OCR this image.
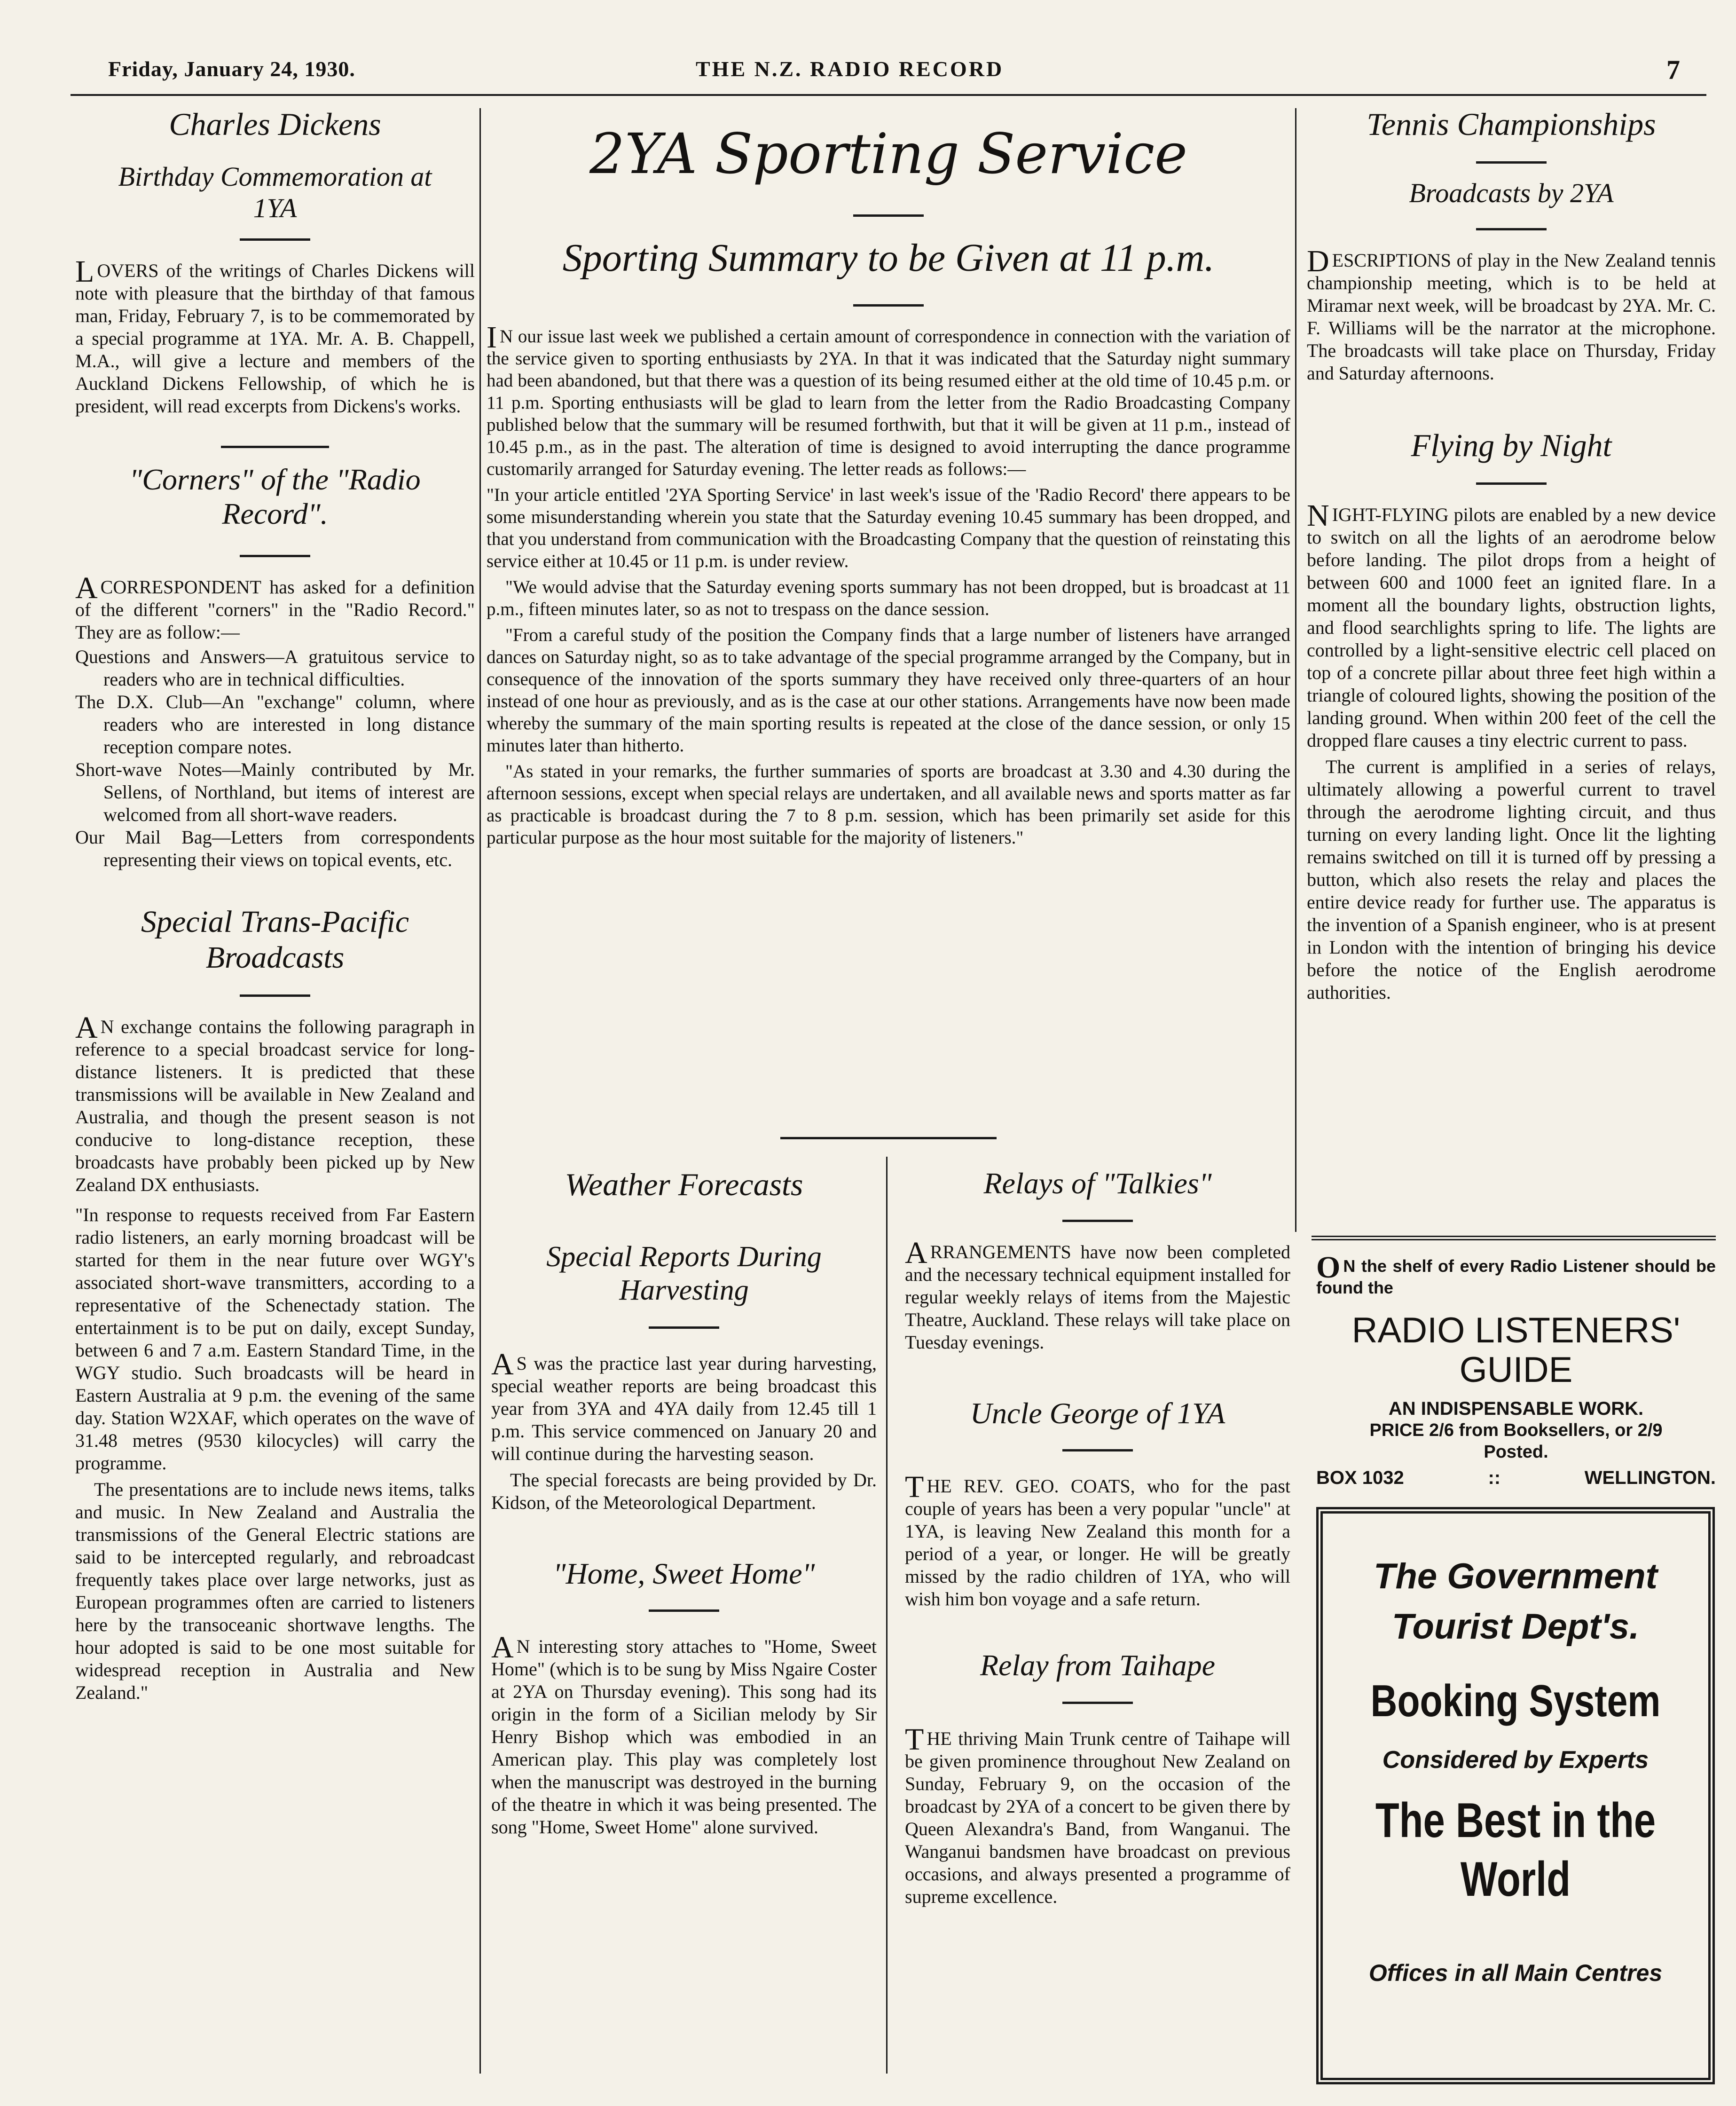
Friday, January 24, 1930.	THE N.Z. RADIO RECORD	7
Charles Dickens
Birthday Commemoration at 1YA
LOVERS of the writings of Charles Dickens will note with pleasure that the birthday of that famous man, Friday, February 7, is to be commemorated by a special programme at 1YA. Mr. A. B. Chappell, M.A., will give a lecture and members of the Auckland Dickens Fellowship, of which he is president, will read excerpts from Dickens's works.
"Corners" of the "Radio Record".
ACORRESPONDENT has asked for a definition of the different "corners" in the "Radio Record." They are as follow:—

Questions and Answers—A gratuitous service to readers who are in technical difficulties.

The D.X. Club—An "exchange" column, where readers who are interested in long distance reception compare notes.

Short-wave Notes—Mainly contributed by Mr. Sellens, of Northland, but items of interest are welcomed from all short-wave readers.

Our Mail Bag—Letters from correspondents representing their views on topical events, etc.

Special Trans-Pacific Broadcasts

A N exchange contains the following paragraph in reference to a special broadcast service for long-distance listeners. It is predicted that these transmissions will be available in New Zealand and Australia, and though the present season is not conducive to long-distance reception, these broadcasts have probably been picked up by New Zealand DX enthusiasts.

"In response to requests received from Far Eastern radio listeners, an early morning broadcast will be started for them in the near future over WGY's associated short-wave transmitters, according to a representative of the Schenectady station. The entertainment is to be put on daily, except Sunday, between 6 and 7 a.m. Eastern Standard Time, in the WGY studio. Such broadcasts will be heard in Eastern Australia at 9 p.m. the evening of the same day. Station W2XAF, which operates on the wave of 31.48 metres (9530 kilocycles) will carry the programme.

The presentations are to include news items, talks and music. In New Zealand and Australia the transmissions of the General Electric stations are said to be intercepted regularly, and rebroadcast frequently takes place over large networks, just as European programmes often are carried to listeners here by the transoceanic shortwave lengths. The hour adopted is said to be one most suitable for widespread reception in Australia and New Zealand."

2YA Sporting Service
Sporting Summary to be Given at 11 p.m.

I N our issue last week we published a certain amount of correspondence in connection with the variation of the service given to sporting enthusiasts by 2YA. In that it was indicated that the Saturday night summary had been abandoned, but that there was a question of its being resumed either at the old time of 10.45 p.m. or 11 p.m. Sporting enthusiasts will be glad to learn from the letter from the Radio Broadcasting Company published below that the summary will be resumed forthwith, but that it will be given at 11 p.m., instead of 10.45 p.m., as in the past. The alteration of time is designed to avoid interrupting the dance programme customarily arranged for Saturday evening. The letter reads as follows:—

"In your article entitled '2YA Sporting Service' in last week's issue of the 'Radio Record' there appears to be some misunderstanding wherein you state that the Saturday evening 10.45 summary has been dropped, and that you understand from communication with the Broadcasting Company that the question of reinstating this service either at 10.45 or 11 p.m. is under review.

"We would advise that the Saturday evening sports summary has not been dropped, but is broadcast at 11 p.m., fifteen minutes later, so as not to trespass on the dance session.

"From a careful study of the position the Company finds that a large number of listeners have arranged dances on Saturday night, so as to take advantage of the special programme arranged by the Company, but in consequence of the innovation of the sports summary they have received only three-quarters of an hour instead of one hour as previously, and as is the case at our other stations. Arrangements have now been made whereby the summary of the main sporting results is repeated at the close of the dance session, or only 15 minutes later than hitherto.

"As stated in your remarks, the further summaries of sports are broadcast at 3.30 and 4.30 during the afternoon sessions, except when special relays are undertaken, and all available news and sports matter as far as practicable is broadcast during the 7 to 8 p.m. session, which has been primarily set aside for this particular purpose as the hour most suitable for the majority of listeners."

Weather Forecasts
Special Reports During Harvesting

A S was the practice last year during harvesting, special weather reports are being broadcast this year from 3YA and 4YA daily from 12.45 till 1 p.m. This service commenced on January 20 and will continue during the harvesting season.

The special forecasts are being provided by Dr. Kidson, of the Meteorological Department.

"Home, Sweet Home"
A N interesting story attaches to "Home, Sweet Home" (which is to be sung by Miss Ngaire Coster at 2YA on Thursday evening). This song had its origin in the form of a Sicilian melody by Sir Henry Bishop which was embodied in an American play. This play was completely lost when the manuscript was destroyed in the burning of the theatre in which it was being presented. The song "Home, Sweet Home" alone survived.
Relays of "Talkies"
ARRANGEMENTS have now been completed and the necessary technical equipment installed for regular weekly relays of items from the Majestic Theatre, Auckland. These relays will take place on Tuesday evenings.
Uncle George of 1YA
THE REV. GEO. COATS, who for the past couple of years has been a very popular "uncle" at 1YA, is leaving New Zealand this month for a period of a year, or longer. He will be greatly missed by the radio children of 1YA, who will wish him bon voyage and a safe return.
Relay from Taihape
THE thriving Main Trunk centre of Taihape will be given prominence throughout New Zealand on Sunday, February 9, on the occasion of the broadcast by 2YA of a concert to be given there by Queen Alexandra's Band, from Wanganui. The Wanganui bandsmen have broadcast on previous occasions, and always presented a programme of supreme excellence.
Tennis Championships
Broadcasts by 2YA
DESCRIPTIONS of play in the New Zealand tennis championship meeting, which is to be held at Miramar next week, will be broadcast by 2YA. Mr. C. F. Williams will be the narrator at the microphone. The broadcasts will take place on Thursday, Friday and Saturday afternoons.
Flying by Night

NIGHT-FLYING pilots are enabled by a new device to switch on all the lights of an aerodrome below before landing. The pilot drops from a height of between 600 and 1000 feet an ignited flare. In a moment all the boundary lights, obstruction lights, and flood searchlights spring to life. The lights are controlled by a light-sensitive electric cell placed on top of a concrete pillar about three feet high within a triangle of coloured lights, showing the position of the landing ground. When within 200 feet of the cell the dropped flare causes a tiny electric current to pass.

The current is amplified in a series of relays, ultimately allowing a powerful current to travel through the aerodrome lighting circuit, and thus turning on every landing light. Once lit the lighting remains switched on till it is turned off by pressing a button, which also resets the relay and places the entire device ready for further use. The apparatus is the invention of a Spanish engineer, who is at present in London with the intention of bringing his device before the notice of the English aerodrome authorities.

O N the shelf of every Radio Listener should be found the
RADIO LISTENERS' GUIDE
AN INDISPENSABLE WORK.
PRICE 2/6 from Booksellers, or 2/9 Posted.
BOX 1032	::	WELLINGTON.
The Government
Tourist Dept's.
Booking System
Considered by Experts
The Best in the
World
Offices in all Main Centres
